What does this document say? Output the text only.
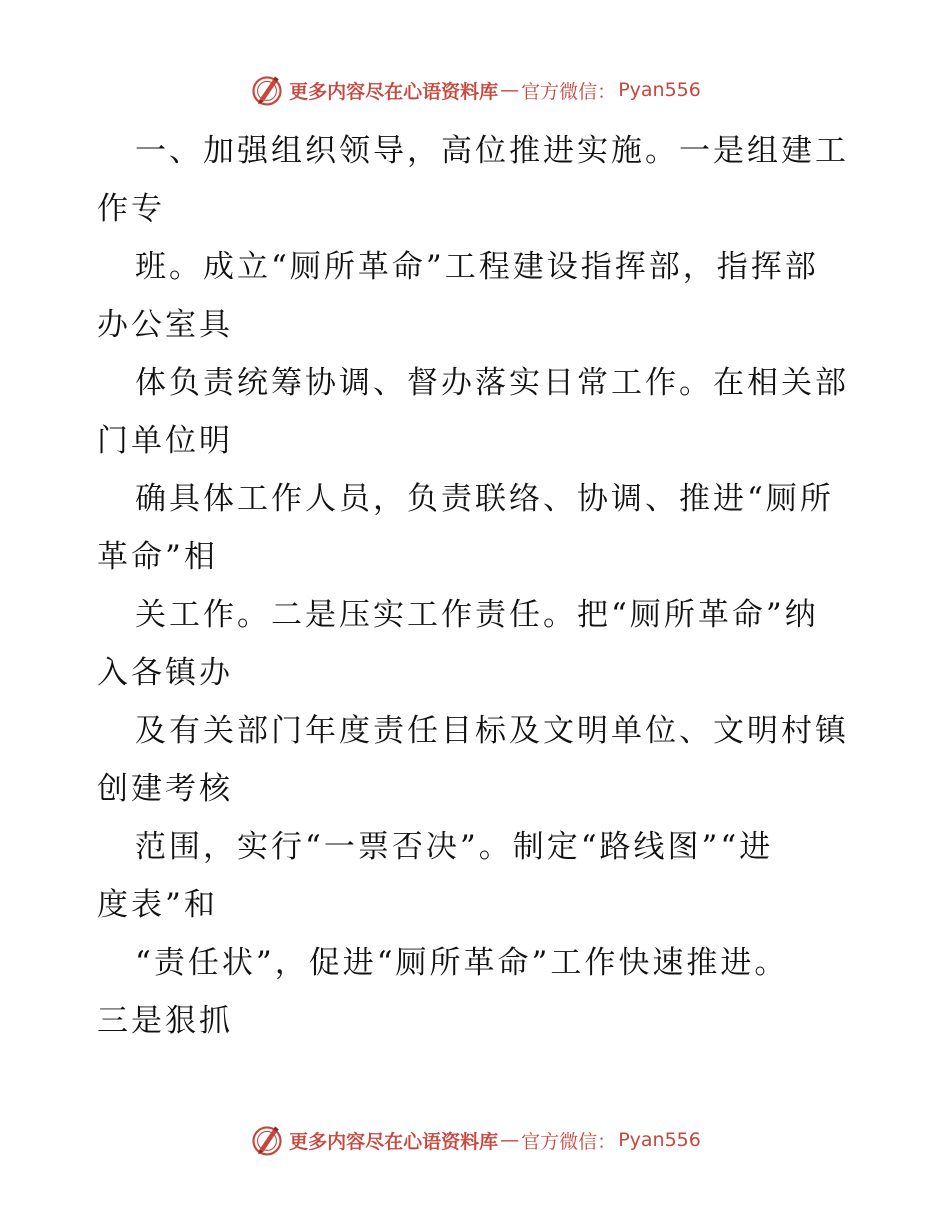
更多内容尽在心语资料库 — 官方微信： Pyan556
一、加强组织领导，高位推进实施。一是组建工
作专
班。成立“厕所革命”工程建设指挥部，指挥部
办公室具
体负责统筹协调、督办落实日常工作。在相关部
门单位明
确具体工作人员，负责联络、协调、推进“厕所
革命”相
关工作。二是压实工作责任。把“厕所革命”纳
入各镇办
及有关部门年度责任目标及文明单位、文明村镇
创建考核
范围，实行“一票否决”。制定“路线图”“进
度表”和
“责任状”，促进“厕所革命”工作快速推进。
三是狠抓
更多内容尽在心语资料库 — 官方微信： Pyan556
